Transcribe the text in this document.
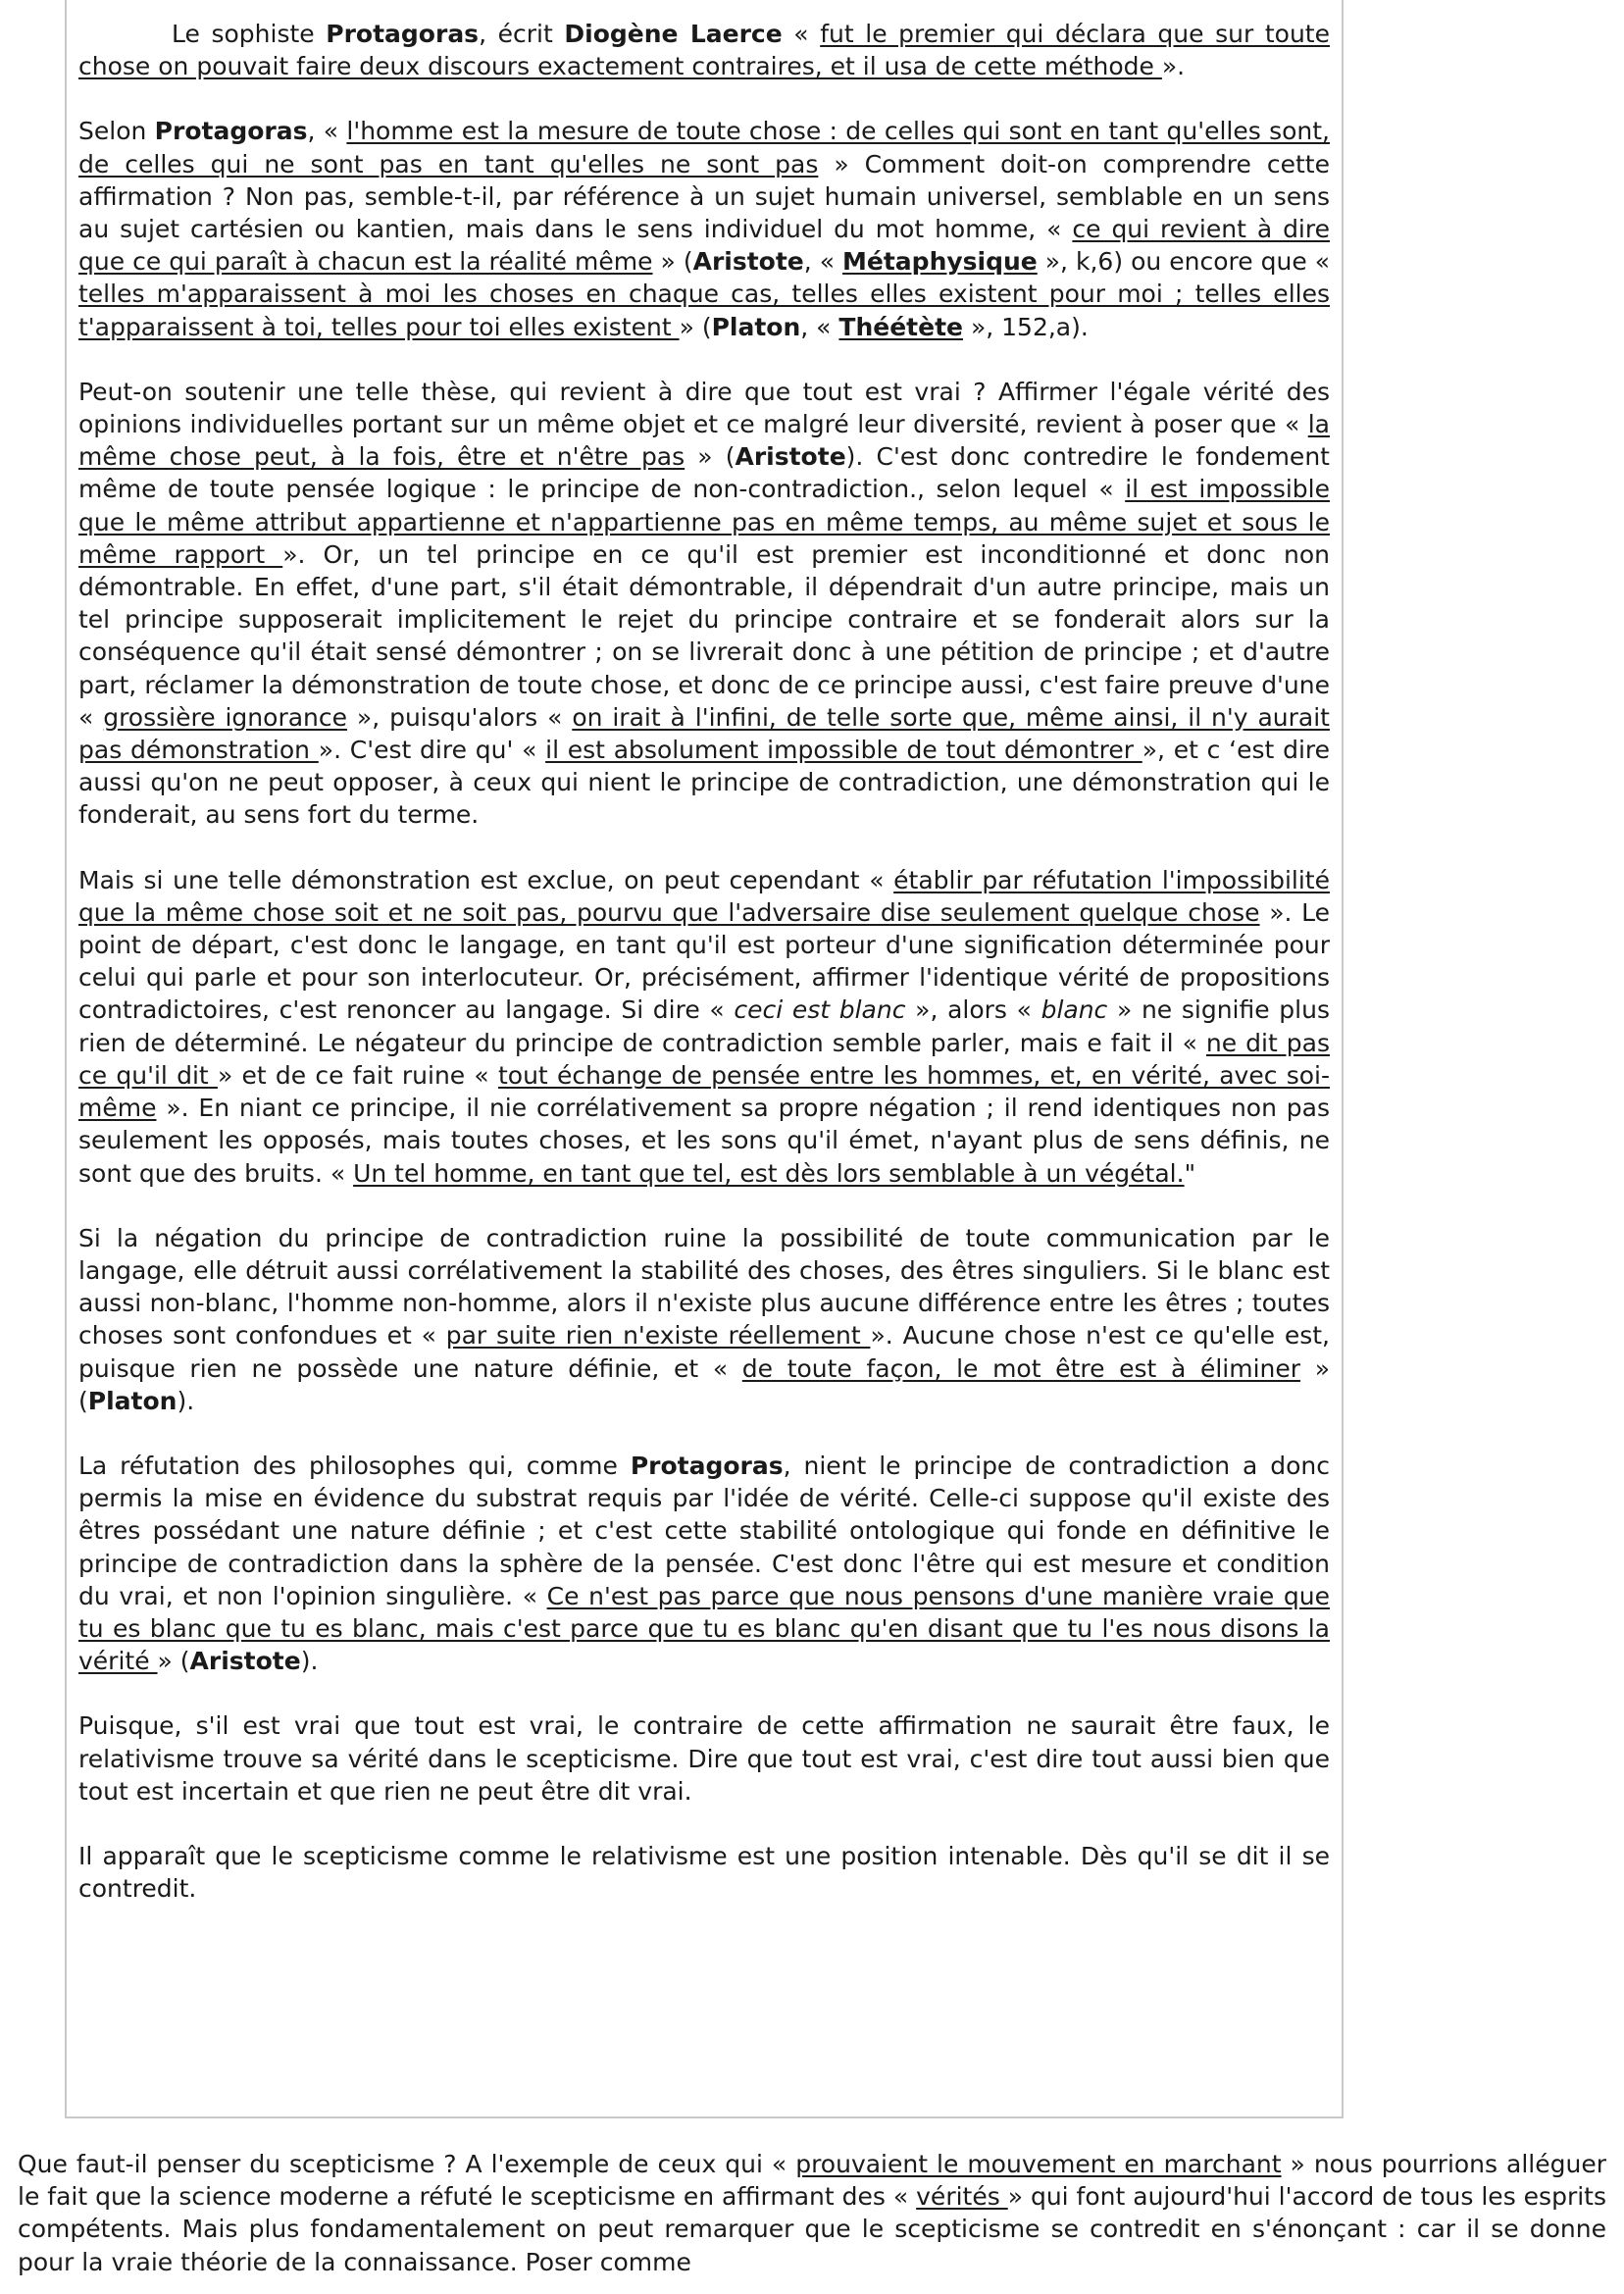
Le sophiste Protagoras, écrit Diogène Laerce « fut le premier qui déclara que sur toute chose on pouvait faire deux discours exactement contraires, et il usa de cette méthode ».

Selon Protagoras, « l'homme est la mesure de toute chose : de celles qui sont en tant qu'elles sont, de celles qui ne sont pas en tant qu'elles ne sont pas » Comment doit-on comprendre cette affirmation ? Non pas, semble-t-il, par référence à un sujet humain universel, semblable en un sens au sujet cartésien ou kantien, mais dans le sens individuel du mot homme, « ce qui revient à dire que ce qui paraît à chacun est la réalité même » (Aristote, « Métaphysique », k,6) ou encore que « telles m'apparaissent à moi les choses en chaque cas, telles elles existent pour moi ; telles elles t'apparaissent à toi, telles pour toi elles existent » (Platon, « Théétète », 152,a).

Peut-on soutenir une telle thèse, qui revient à dire que tout est vrai ? Affirmer l'égale vérité des opinions individuelles portant sur un même objet et ce malgré leur diversité, revient à poser que « la même chose peut, à la fois, être et n'être pas » (Aristote). C'est donc contredire le fondement même de toute pensée logique : le principe de non-contradiction., selon lequel « il est impossible que le même attribut appartienne et n'appartienne pas en même temps, au même sujet et sous le même rapport ». Or, un tel principe en ce qu'il est premier est inconditionné et donc non démontrable. En effet, d'une part, s'il était démontrable, il dépendrait d'un autre principe, mais un tel principe supposerait implicitement le rejet du principe contraire et se fonderait alors sur la conséquence qu'il était sensé démontrer ; on se livrerait donc à une pétition de principe ; et d'autre part, réclamer la démonstration de toute chose, et donc de ce principe aussi, c'est faire preuve d'une « grossière ignorance », puisqu'alors « on irait à l'infini, de telle sorte que, même ainsi, il n'y aurait pas démonstration ». C'est dire qu' « il est absolument impossible de tout démontrer », et c ‘est dire aussi qu'on ne peut opposer, à ceux qui nient le principe de contradiction, une démonstration qui le fonderait, au sens fort du terme.

Mais si une telle démonstration est exclue, on peut cependant « établir par réfutation l'impossibilité que la même chose soit et ne soit pas, pourvu que l'adversaire dise seulement quelque chose ». Le point de départ, c'est donc le langage, en tant qu'il est porteur d'une signification déterminée pour celui qui parle et pour son interlocuteur. Or, précisément, affirmer l'identique vérité de propositions contradictoires, c'est renoncer au langage. Si dire « ceci est blanc », alors « blanc » ne signifie plus rien de déterminé. Le négateur du principe de contradiction semble parler, mais e fait il « ne dit pas ce qu'il dit » et de ce fait ruine « tout échange de pensée entre les hommes, et, en vérité, avec soi-même ». En niant ce principe, il nie corrélativement sa propre négation ; il rend identiques non pas seulement les opposés, mais toutes choses, et les sons qu'il émet, n'ayant plus de sens définis, ne sont que des bruits. « Un tel homme, en tant que tel, est dès lors semblable à un végétal."

Si la négation du principe de contradiction ruine la possibilité de toute communication par le langage, elle détruit aussi corrélativement la stabilité des choses, des êtres singuliers. Si le blanc est aussi non-blanc, l'homme non-homme, alors il n'existe plus aucune différence entre les êtres ; toutes choses sont confondues et « par suite rien n'existe réellement ». Aucune chose n'est ce qu'elle est, puisque rien ne possède une nature définie, et « de toute façon, le mot être est à éliminer » (Platon).

La réfutation des philosophes qui, comme Protagoras, nient le principe de contradiction a donc permis la mise en évidence du substrat requis par l'idée de vérité. Celle-ci suppose qu'il existe des êtres possédant une nature définie ; et c'est cette stabilité ontologique qui fonde en définitive le principe de contradiction dans la sphère de la pensée. C'est donc l'être qui est mesure et condition du vrai, et non l'opinion singulière. « Ce n'est pas parce que nous pensons d'une manière vraie que tu es blanc que tu es blanc, mais c'est parce que tu es blanc qu'en disant que tu l'es nous disons la vérité » (Aristote).

Puisque, s'il est vrai que tout est vrai, le contraire de cette affirmation ne saurait être faux, le relativisme trouve sa vérité dans le scepticisme. Dire que tout est vrai, c'est dire tout aussi bien que tout est incertain et que rien ne peut être dit vrai.

Il apparaît que le scepticisme comme le relativisme est une position intenable. Dès qu'il se dit il se contredit.

Que faut-il penser du scepticisme ? A l'exemple de ceux qui « prouvaient le mouvement en marchant » nous pourrions alléguer le fait que la science moderne a réfuté le scepticisme en affirmant des « vérités » qui font aujourd'hui l'accord de tous les esprits compétents. Mais plus fondamentalement on peut remarquer que le scepticisme se contredit en s'énonçant : car il se donne pour la vraie théorie de la connaissance. Poser comme
